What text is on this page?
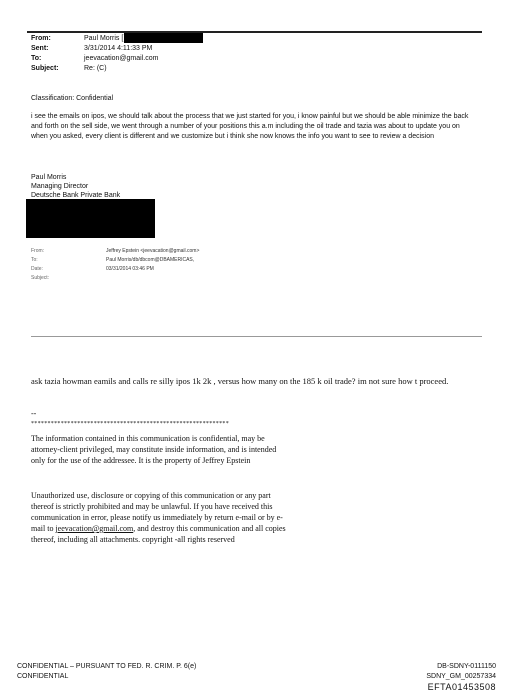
From:	Paul Morris [
Sent:	3/31/2014 4:11:33 PM
To:	jeevacation@gmail.com
Subject:	Re: (C)
Classification: Confidential
i see the emails on ipos, we should talk about the process that we just started for you, i know painful but we should be able minimize the back and forth on the sell side, we went through a number of your positions this a.m including the oil trade and tazia was about to update you on when you asked, every client is different and we customize but i think she now knows the info you want to see to review a decision
Paul Morris
Managing Director
Deutsche Bank Private Bank
From:	Jeffrey Epstein <jeevacation@gmail.com>
To:	Paul Morris/db/dbcom@DBAMERICAS,
Date:	03/31/2014 03:46 PM
Subject:
ask tazia howman eamils and calls re silly ipos 1k 2k , versus how many on the 185 k oil trade? im not sure how t proceed.
--
************************************************************
The information contained in this communication is confidential, may be attorney-client privileged, may constitute inside information, and is intended only for the use of the addressee. It is the property of Jeffrey Epstein
Unauthorized use, disclosure or copying of this communication or any part thereof is strictly prohibited and may be unlawful. If you have received this communication in error, please notify us immediately by return e-mail or by e-mail to jeevacation@gmail.com, and destroy this communication and all copies thereof, including all attachments. copyright -all rights reserved
CONFIDENTIAL – PURSUANT TO FED. R. CRIM. P. 6(e)
CONFIDENTIAL
DB-SDNY-0111150
SDNY_GM_00257334
EFTA01453508
